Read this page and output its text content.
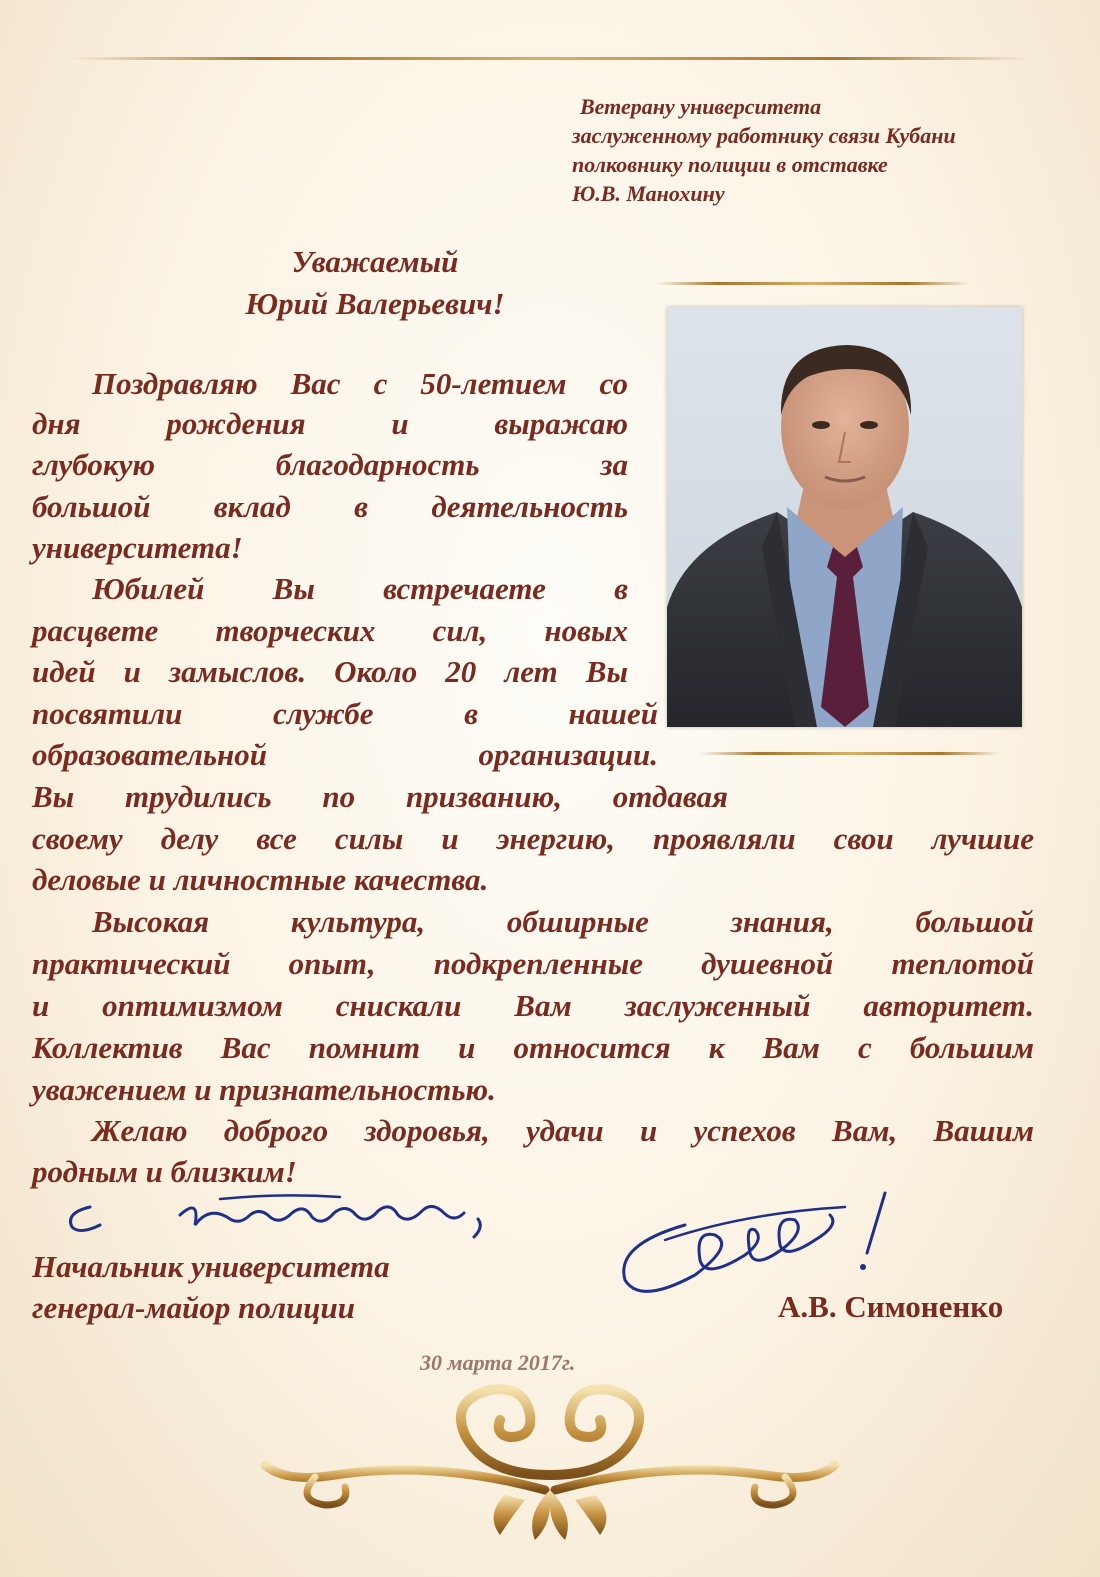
Ветерану университета
заслуженному работнику связи Кубани
полковнику полиции в отставке
Ю.В. Манохину
Уважаемый
Юрий Валерьевич!
Поздравляю Вас с 50-летием со
дня рождения и выражаю
глубокую благодарность за
большой вклад в деятельность
университета!
Юбилей Вы встречаете в
расцвете творческих сил, новых
идей и замыслов. Около 20 лет Вы
посвятили службе в нашей
образовательной организации.
Вы трудились по призванию, отдавая
своему делу все силы и энергию, проявляли свои лучшие
деловые и личностные качества.
Высокая культура, обширные знания, большой
практический опыт, подкрепленные душевной теплотой
и оптимизмом снискали Вам заслуженный авторитет.
Коллектив Вас помнит и относится к Вам с большим
уважением и признательностью.
Желаю доброго здоровья, удачи и успехов Вам, Вашим
родным и близким!
Начальник университета
генерал-майор полиции	А.В. Симоненко
30 марта 2017г.
